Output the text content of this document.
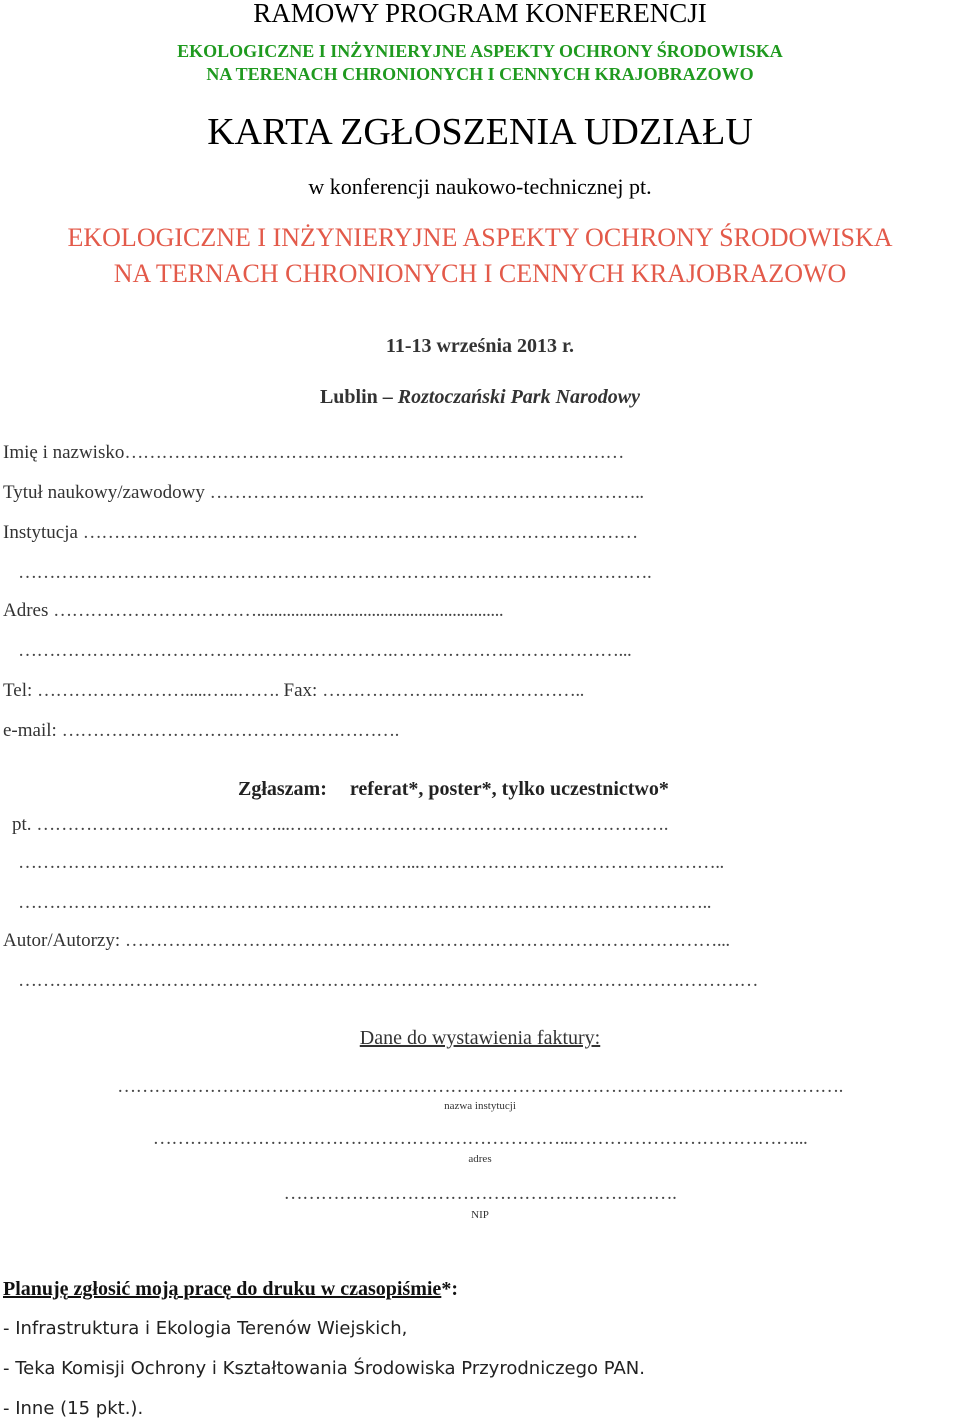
RAMOWY PROGRAM KONFERENCJI
EKOLOGICZNE I INŻYNIERYJNE ASPEKTY OCHRONY ŚRODOWISKA
NA TERENACH CHRONIONYCH I CENNYCH KRAJOBRAZOWO
KARTA ZGŁOSZENIA UDZIAŁU
w konferencji naukowo-technicznej pt.
EKOLOGICZNE I INŻYNIERYJNE ASPEKTY OCHRONY ŚRODOWISKA
NA TERNACH CHRONIONYCH I CENNYCH KRAJOBRAZOWO
11-13 września 2013 r.
Lublin – Roztoczański Park Narodowy
Imię i nazwisko………………………………………………………………………
Tytuł naukowy/zawodowy ……………………………………………………………..
Instytucja ………………………………………………………………………………
………………………………………………………………………………………….
Adres ……………………………..........................................................
…………………………………………………….……………….………………...
Tel: …………………….....…...……. Fax: ……………….……..……………..
e-mail: ……………………………………………….
Zgłaszam: referat*, poster*, tylko uczestnictwo*
pt. …………………………………...….………………………………………………….
………………………………………………………...…………………………………………..
…………………………………………………………………………………………………..
Autor/Autorzy: ……………………………………………………………………………………...
…………………………………………………………………………………………………………
Dane do wystawienia faktury:
……………………………………………………………………………………………………….
nazwa instytucji
…………………………………………………………...………………………………...
adres
……………………………………………………….
NIP
Planuję zgłosić moją pracę do druku w czasopiśmie*:
- Infrastruktura i Ekologia Terenów Wiejskich,
- Teka Komisji Ochrony i Kształtowania Środowiska Przyrodniczego PAN.
- Inne (15 pkt.).
